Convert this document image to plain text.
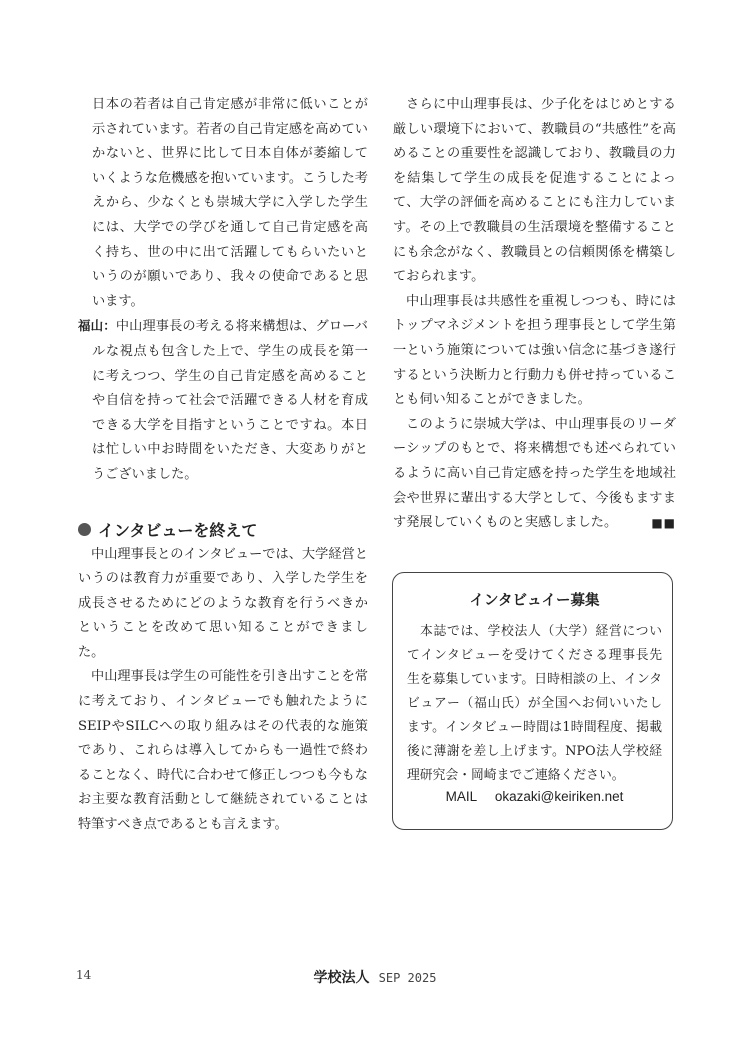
日本の若者は自己肯定感が非常に低いことが示されています。若者の自己肯定感を高めていかないと、世界に比して日本自体が萎縮していくような危機感を抱いています。こうした考えから、少なくとも崇城大学に入学した学生には、大学での学びを通して自己肯定感を高く持ち、世の中に出て活躍してもらいたいというのが願いであり、我々の使命であると思います。

福山：中山理事長の考える将来構想は、グローバルな視点も包含した上で、学生の成長を第一に考えつつ、学生の自己肯定感を高めることや自信を持って社会で活躍できる人材を育成できる大学を目指すということですね。本日は忙しい中お時間をいただき、大変ありがとうございました。

インタビューを終えて

中山理事長とのインタビューでは、大学経営というのは教育力が重要であり、入学した学生を成長させるためにどのような教育を行うべきかということを改めて思い知ることができました。

中山理事長は学生の可能性を引き出すことを常に考えており、インタビューでも触れたようにSEIPやSILCへの取り組みはその代表的な施策であり、これらは導入してからも一過性で終わることなく、時代に合わせて修正しつつも今もなお主要な教育活動として継続されていることは特筆すべき点であるとも言えます。

さらに中山理事長は、少子化をはじめとする厳しい環境下において、教職員の“共感性”を高めることの重要性を認識しており、教職員の力を結集して学生の成長を促進することによって、大学の評価を高めることにも注力しています。その上で教職員の生活環境を整備することにも余念がなく、教職員との信頼関係を構築しておられます。

中山理事長は共感性を重視しつつも、時にはトップマネジメントを担う理事長として学生第一という施策については強い信念に基づき遂行するという決断力と行動力も併せ持っていることも伺い知ることができました。

このように崇城大学は、中山理事長のリーダーシップのもとで、将来構想でも述べられているように高い自己肯定感を持った学生を地域社会や世界に輩出する大学として、今後もますます発展していくものと実感しました。	■■

インタビュイー募集

本誌では、学校法人（大学）経営についてインタビューを受けてくださる理事長先生を募集しています。日時相談の上、インタビュアー（福山氏）が全国へお伺いいたします。インタビュー時間は1時間程度、掲載後に薄謝を差し上げます。NPO法人学校経理研究会・岡崎までご連絡ください。

MAIL okazaki@keiriken.net
14	学校法人 SEP 2025
